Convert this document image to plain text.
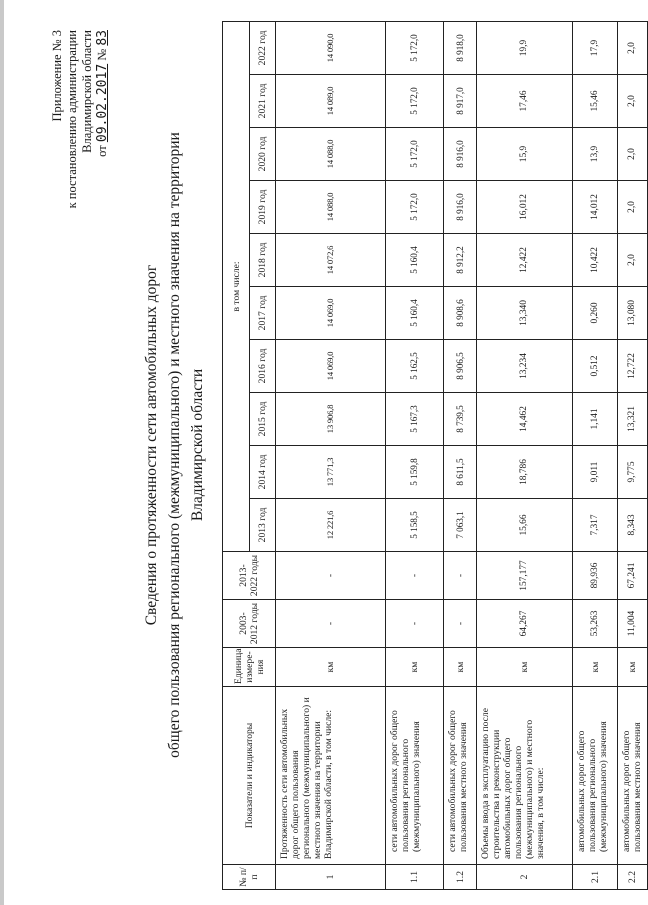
Приложение № 3 к постановлению администрации Владимирской области от 09.02.2017 № 83
Сведения о протяженности сети автомобильных дорог общего пользования регионального (межмуниципального) и местного значения на территории Владимирской области
№ п/п	Показатели и индикаторы	Единица измере- ния	2003- 2012 годы	2013- 2022 годы	в том числе:									
					2013 год	2014 год	2015 год	2016 год	2017 год	2018 год	2019 год	2020 год	2021 год	2022 год
1	Протяженность сети автомобильных дорог общего пользования регионального (межмуниципального) и местного значения на территории Владимирской области, в том числе:	км	-	-	12 221,6	13 771,3	13 906,8	14 069,0	14 069,0	14 072,6	14 088,0	14 088,0	14 089,0	14 090,0
1.1	сети автомобильных дорог общего пользования регионального (межмуниципального) значения	км	-	-	5 158,5	5 159,8	5 167,3	5 162,5	5 160,4	5 160,4	5 172,0	5 172,0	5 172,0	5 172,0
1.2	сети автомобильных дорог общего пользования местного значения	км	-	-	7 063,1	8 611,5	8 739,5	8 906,5	8 908,6	8 912,2	8 916,0	8 916,0	8 917,0	8 918,0
2	Объемы ввода в эксплуатацию после строительства и реконструкции автомобильных дорог общего пользования регионального (межмуниципального) и местного значения, в том числе:	км	64,267	157,177	15,66	18,786	14,462	13,234	13,340	12,422	16,012	15,9	17,46	19,9
2.1	автомобильных дорог общего пользования регионального (межмуниципального) значения	км	53,263	89,936	7,317	9,011	1,141	0,512	0,260	10,422	14,012	13,9	15,46	17,9
2.2	автомобильных дорог общего пользования местного значения	км	11,004	67,241	8,343	9,775	13,321	12,722	13,080	2,0	2,0	2,0	2,0	2,0
